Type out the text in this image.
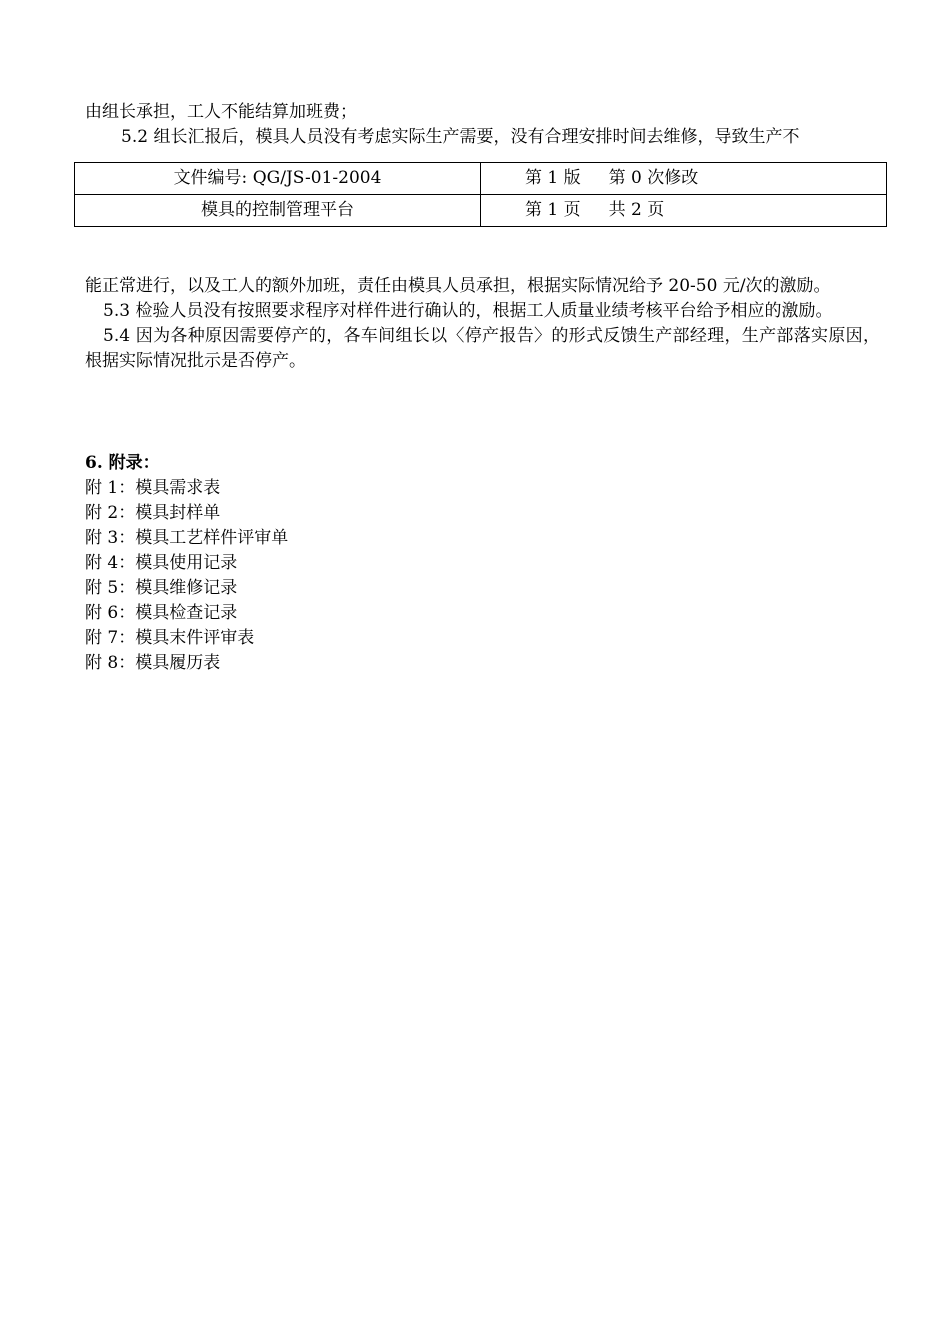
由组长承担，工人不能结算加班费；

5.2 组长汇报后，模具人员没有考虑实际生产需要，没有合理安排时间去维修，导致生产不

文件编号: QG/JS-01-2004	第 1 版 第 0 次修改
模具的控制管理平台	第 1 页 共 2 页

能正常进行，以及工人的额外加班，责任由模具人员承担，根据实际情况给予 20-50 元/次的激励。

5.3 检验人员没有按照要求程序对样件进行确认的，根据工人质量业绩考核平台给予相应的激励。

5.4 因为各种原因需要停产的，各车间组长以〈停产报告〉的形式反馈生产部经理，生产部落实原因，根据实际情况批示是否停产。

6. 附录：

附 1：模具需求表
附 2：模具封样单
附 3：模具工艺样件评审单
附 4：模具使用记录
附 5：模具维修记录
附 6：模具检查记录
附 7：模具末件评审表
附 8：模具履历表
